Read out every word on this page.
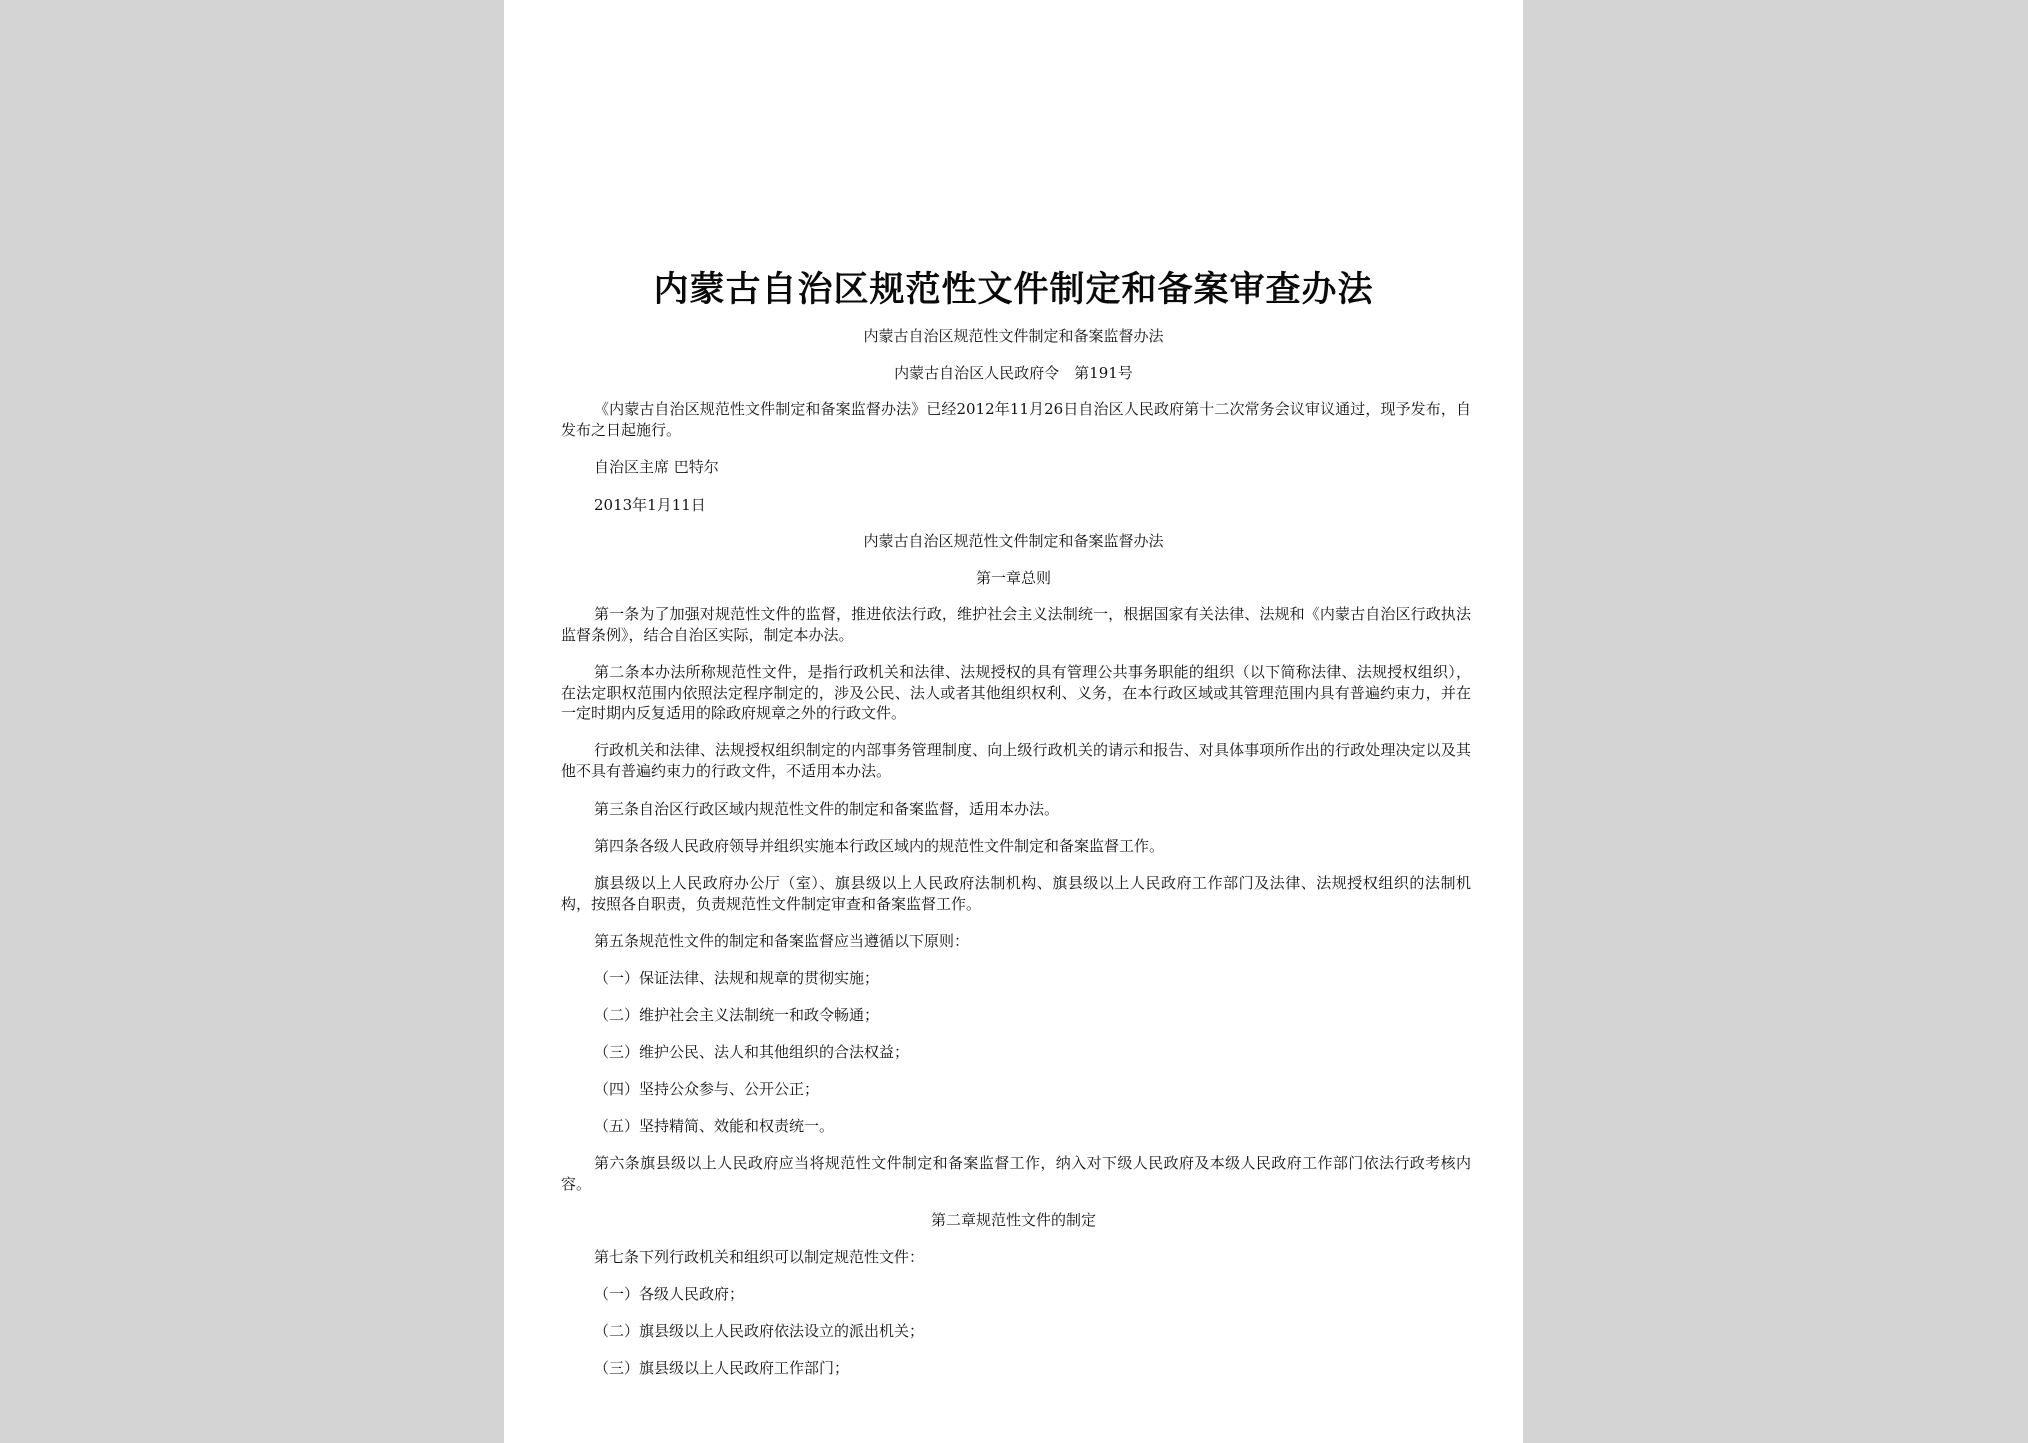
内蒙古自治区规范性文件制定和备案审查办法
内蒙古自治区规范性文件制定和备案监督办法
内蒙古自治区人民政府令　第191号
《内蒙古自治区规范性文件制定和备案监督办法》已经2012年11月26日自治区人民政府第十二次常务会议审议通过，现予发布，自发布之日起施行。
自治区主席 巴特尔
2013年1月11日
内蒙古自治区规范性文件制定和备案监督办法
第一章总则
第一条为了加强对规范性文件的监督，推进依法行政，维护社会主义法制统一，根据国家有关法律、法规和《内蒙古自治区行政执法监督条例》，结合自治区实际，制定本办法。
第二条本办法所称规范性文件，是指行政机关和法律、法规授权的具有管理公共事务职能的组织（以下简称法律、法规授权组织），在法定职权范围内依照法定程序制定的，涉及公民、法人或者其他组织权利、义务，在本行政区域或其管理范围内具有普遍约束力，并在一定时期内反复适用的除政府规章之外的行政文件。
行政机关和法律、法规授权组织制定的内部事务管理制度、向上级行政机关的请示和报告、对具体事项所作出的行政处理决定以及其他不具有普遍约束力的行政文件，不适用本办法。
第三条自治区行政区域内规范性文件的制定和备案监督，适用本办法。
第四条各级人民政府领导并组织实施本行政区域内的规范性文件制定和备案监督工作。
旗县级以上人民政府办公厅（室）、旗县级以上人民政府法制机构、旗县级以上人民政府工作部门及法律、法规授权组织的法制机构，按照各自职责，负责规范性文件制定审查和备案监督工作。
第五条规范性文件的制定和备案监督应当遵循以下原则：
（一）保证法律、法规和规章的贯彻实施；
（二）维护社会主义法制统一和政令畅通；
（三）维护公民、法人和其他组织的合法权益；
（四）坚持公众参与、公开公正；
（五）坚持精简、效能和权责统一。
第六条旗县级以上人民政府应当将规范性文件制定和备案监督工作，纳入对下级人民政府及本级人民政府工作部门依法行政考核内容。
第二章规范性文件的制定
第七条下列行政机关和组织可以制定规范性文件：
（一）各级人民政府；
（二）旗县级以上人民政府依法设立的派出机关；
（三）旗县级以上人民政府工作部门；
